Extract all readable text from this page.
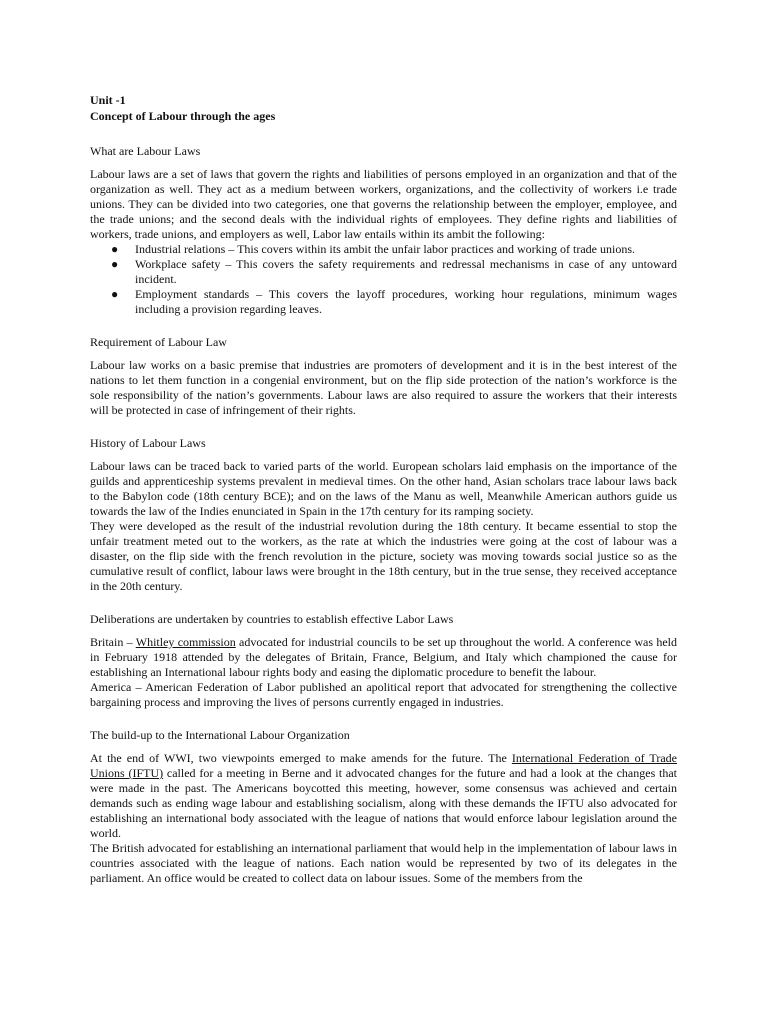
Unit -1
Concept of Labour through the ages
What are Labour Laws

Labour laws are a set of laws that govern the rights and liabilities of persons employed in an organization and that of the organization as well. They act as a medium between workers, organizations, and the collectivity of workers i.e trade unions. They can be divided into two categories, one that governs the relationship between the employer, employee, and the trade unions; and the second deals with the individual rights of employees. They define rights and liabilities of workers, trade unions, and employers as well, Labor law entails within its ambit the following:

● Industrial relations – This covers within its ambit the unfair labor practices and working of trade unions.
● Workplace safety – This covers the safety requirements and redressal mechanisms in case of any untoward incident.
● Employment standards – This covers the layoff procedures, working hour regulations, minimum wages including a provision regarding leaves.
Requirement of Labour Law

Labour law works on a basic premise that industries are promoters of development and it is in the best interest of the nations to let them function in a congenial environment, but on the flip side protection of the nation’s workforce is the sole responsibility of the nation’s governments. Labour laws are also required to assure the workers that their interests will be protected in case of infringement of their rights.

History of Labour Laws

Labour laws can be traced back to varied parts of the world. European scholars laid emphasis on the importance of the guilds and apprenticeship systems prevalent in medieval times. On the other hand, Asian scholars trace labour laws back to the Babylon code (18th century BCE); and on the laws of the Manu as well, Meanwhile American authors guide us towards the law of the Indies enunciated in Spain in the 17th century for its ramping society.

They were developed as the result of the industrial revolution during the 18th century. It became essential to stop the unfair treatment meted out to the workers, as the rate at which the industries were going at the cost of labour was a disaster, on the flip side with the french revolution in the picture, society was moving towards social justice so as the cumulative result of conflict, labour laws were brought in the 18th century, but in the true sense, they received acceptance in the 20th century.

Deliberations are undertaken by countries to establish effective Labor Laws

Britain – Whitley commission advocated for industrial councils to be set up throughout the world. A conference was held in February 1918 attended by the delegates of Britain, France, Belgium, and Italy which championed the cause for establishing an International labour rights body and easing the diplomatic procedure to benefit the labour.

America – American Federation of Labor published an apolitical report that advocated for strengthening the collective bargaining process and improving the lives of persons currently engaged in industries.

The build-up to the International Labour Organization

At the end of WWI, two viewpoints emerged to make amends for the future. The International Federation of Trade Unions (IFTU) called for a meeting in Berne and it advocated changes for the future and had a look at the changes that were made in the past. The Americans boycotted this meeting, however, some consensus was achieved and certain demands such as ending wage labour and establishing socialism, along with these demands the IFTU also advocated for establishing an international body associated with the league of nations that would enforce labour legislation around the world.

The British advocated for establishing an international parliament that would help in the implementation of labour laws in countries associated with the league of nations. Each nation would be represented by two of its delegates in the parliament. An office would be created to collect data on labour issues. Some of the members from the
